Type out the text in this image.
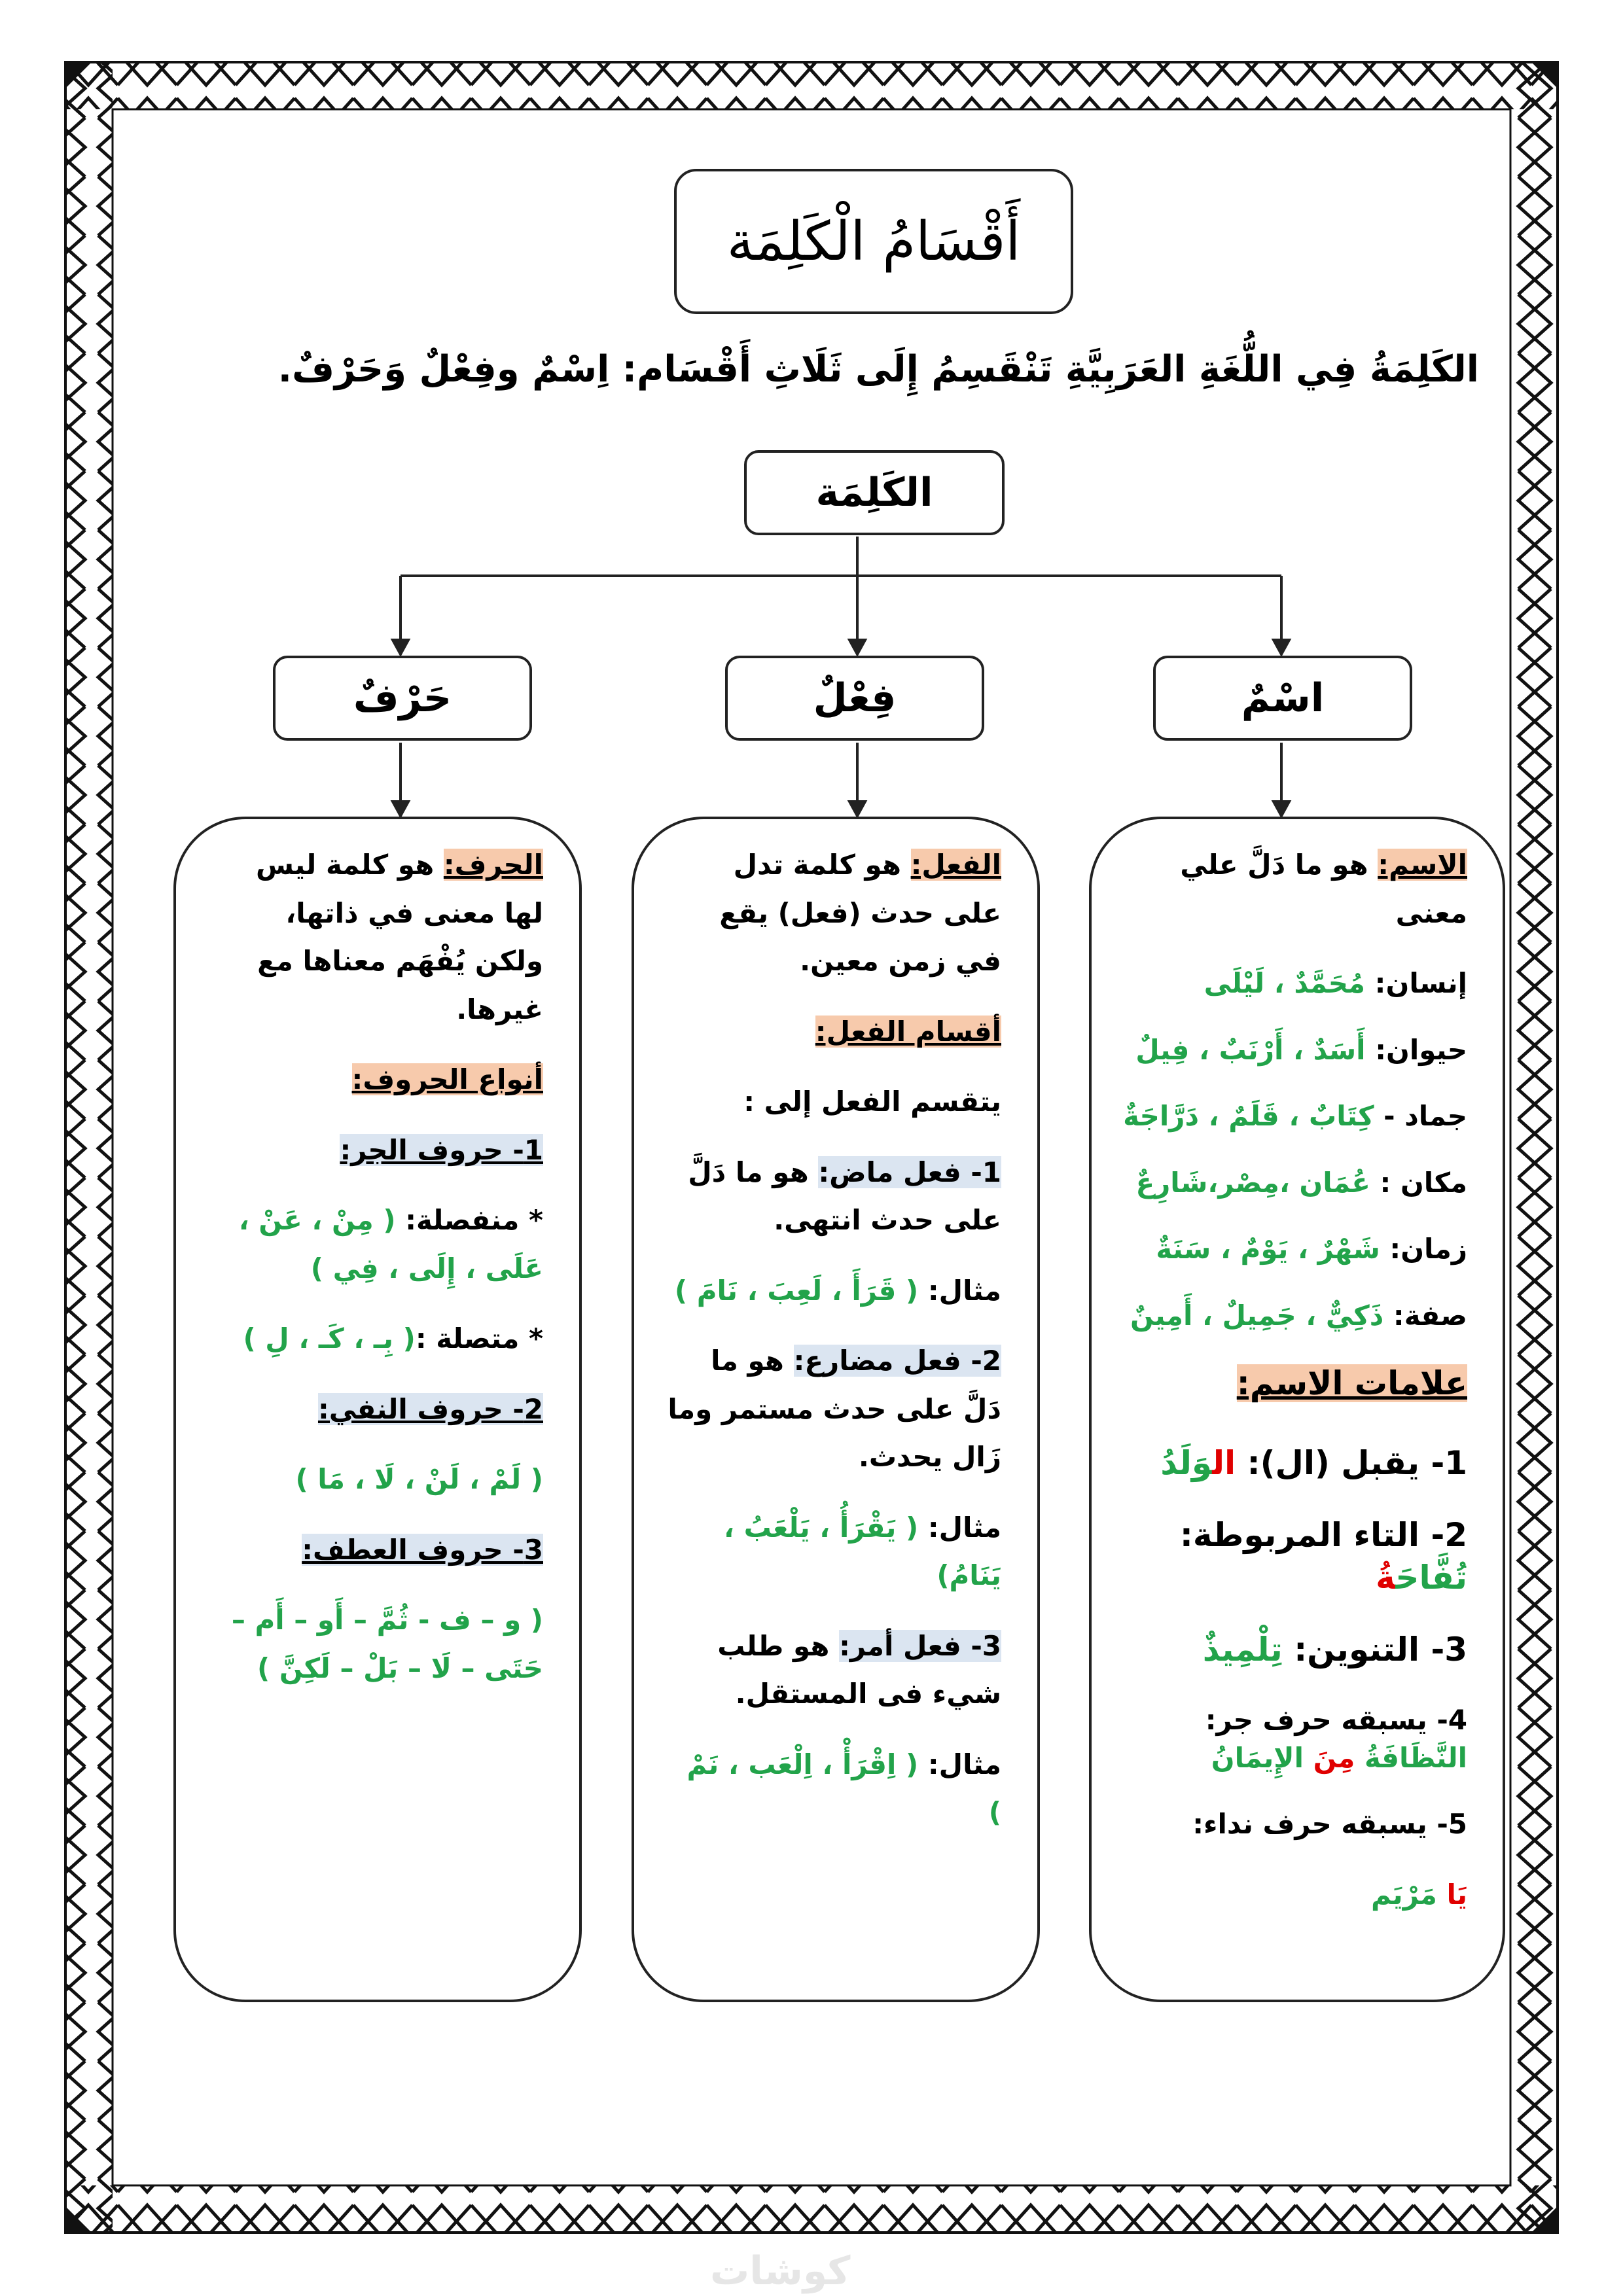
أَقْسَامُ الْكَلِمَة
الكَلِمَةُ فِي اللُّغَةِ العَرَبِيَّةِ تَنْقَسِمُ إِلَى ثَلَاثِ أَقْسَام: اِسْمٌ وفِعْلٌ وَحَرْفٌ.
الكَلِمَة
حَرْفٌ	فِعْلٌ	اسْمٌ
الاسم: هو ما دَلَّ علي معنى
إنسان: مُحَمَّدٌ ، لَيْلَى
حيوان: أَسَدٌ ، أَرْنَبٌ ، فِيلٌ
جماد - كِتَابٌ ، قَلَمٌ ، دَرَّاجَةٌ
مكان : عُمَان ،مِصْر،شَارِعٌ
زمان: شَهْرٌ ، يَوْمٌ ، سَنَةٌ
صفة: ذَكِيٌّ ، جَمِيلٌ ، أَمِينٌ
علامات الاسم:
1- يقبل (ال): الوَلَدُ
2- التاء المربوطة:
تُفَّاحَةُ
3- التنوين: تِلْمِيذٌ
4- يسبقه حرف جر:
النَّظَافَةُ مِنَ الإِيمَانُ
5- يسبقه حرف نداء:
يَا مَرْيَم
الفعل: هو كلمة تدل على حدث (فعل) يقع في زمن معين.
أقسام الفعل:
يتقسم الفعل إلى :
1- فعل ماض: هو ما دَلَّ على حدث انتهى.
مثال: ( قَرَأَ ، لَعِبَ ، نَامَ )
2- فعل مضارع: هو ما دَلَّ على حدث مستمر وما زَال يحدث.
مثال: ( يَقْرَأُ ، يَلْعَبُ ، يَنَامُ)
3- فعل أمر: هو طلب شيء فى المستقل.
مثال: ( اِقْرَأْ ، اِلْعَب ، نَمْ )
الحرف: هو كلمة ليس لها معنى في ذاتها، ولكن يُفْهَم معناها مع غيرها.
أنواع الحروف:
1- حروف الجر:
* منفصلة: ( مِنْ ، عَنْ ، عَلَى ، إِلَى ، فِي )
* متصلة :( بِـ ، كَـ ، لِ )
2- حروف النفي:
( لَمْ ، لَنْ ، لَا ، مَا )
3- حروف العطف:
( و – ف - ثُمَّ – أَو – أَم – حَتَى – لَا – بَلْ – لَكِنَّ )
كوشات
